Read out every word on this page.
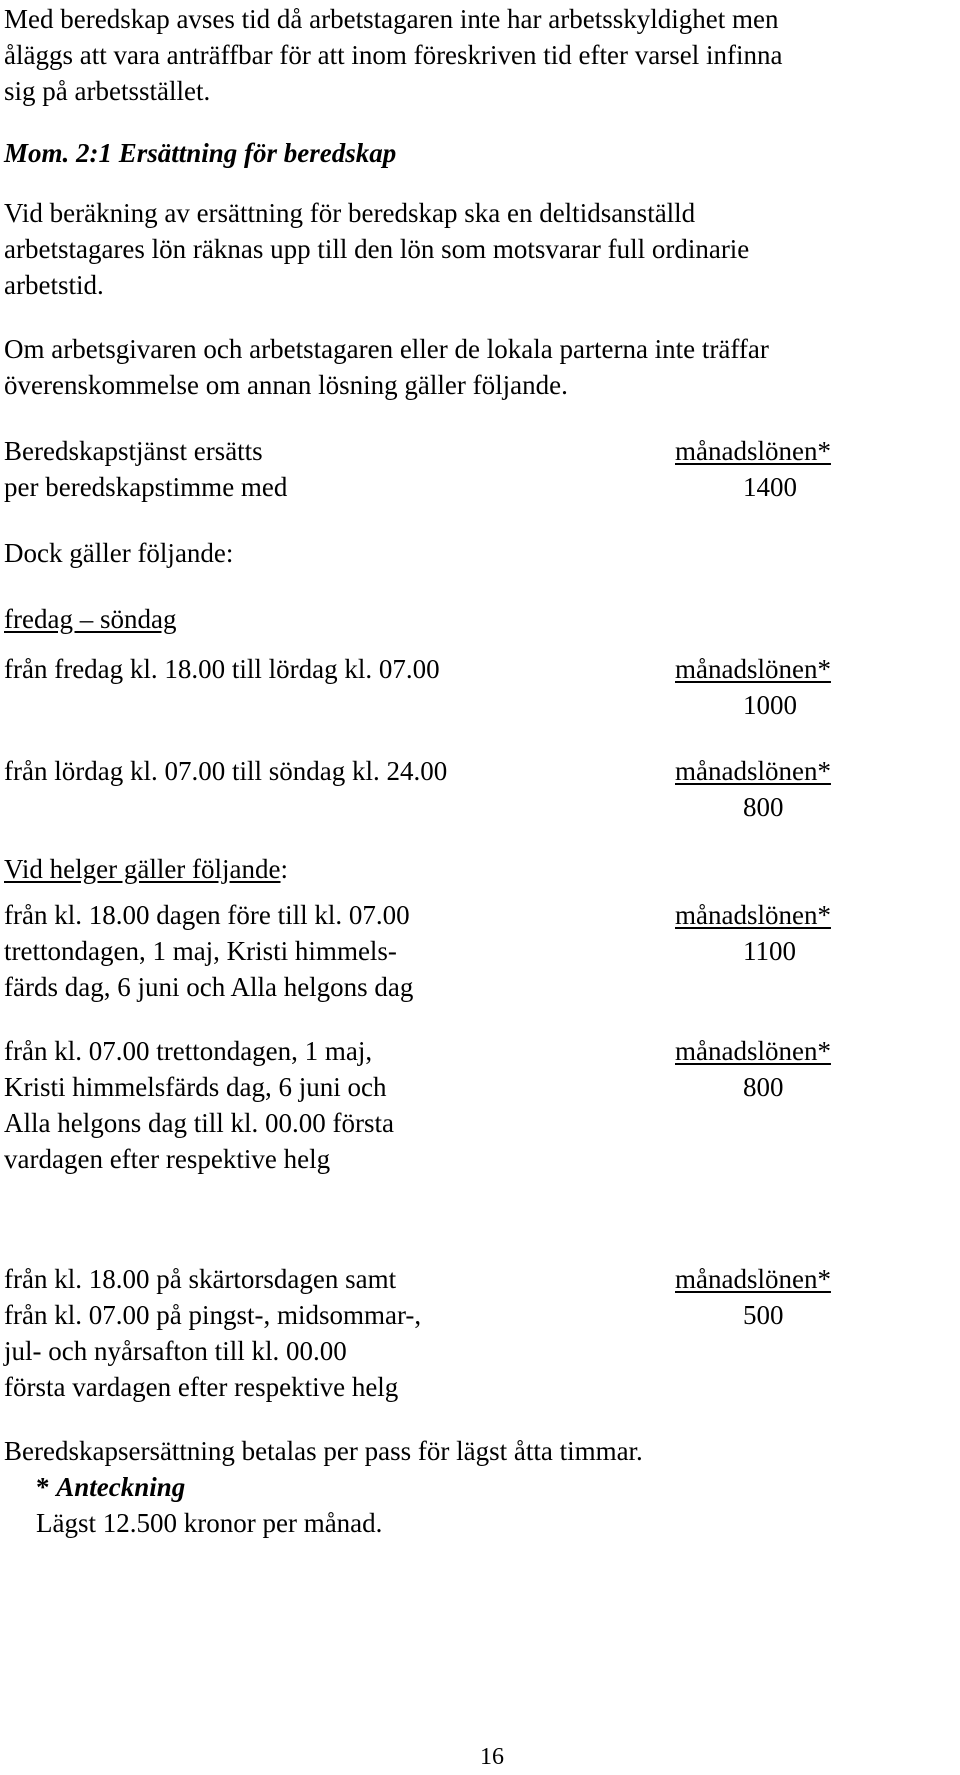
Med beredskap avses tid då arbetstagaren inte har arbetsskyldighet men
åläggs att vara anträffbar för att inom föreskriven tid efter varsel infinna
sig på arbetsstället.
Mom. 2:1 Ersättning för beredskap
Vid beräkning av ersättning för beredskap ska en deltidsanställd
arbetstagares lön räknas upp till den lön som motsvarar full ordinarie
arbetstid.
Om arbetsgivaren och arbetstagaren eller de lokala parterna inte träffar
överenskommelse om annan lösning gäller följande.
Beredskapstjänst ersätts
per beredskapstimme med
månadslönen*
1400
Dock gäller följande:
fredag – söndag
från fredag kl. 18.00 till lördag kl. 07.00	månadslönen*
1000
från lördag kl. 07.00 till söndag kl. 24.00	månadslönen*
800
Vid helger gäller följande:
från kl. 18.00 dagen före till kl. 07.00
trettondagen, 1 maj, Kristi himmels-
färds dag, 6 juni och Alla helgons dag
månadslönen*
1100
från kl. 07.00 trettondagen, 1 maj,
Kristi himmelsfärds dag, 6 juni och
Alla helgons dag till kl. 00.00 första
vardagen efter respektive helg
månadslönen*
800
från kl. 18.00 på skärtorsdagen samt
från kl. 07.00 på pingst-, midsommar-,
jul- och nyårsafton till kl. 00.00
första vardagen efter respektive helg
månadslönen*
500
Beredskapsersättning betalas per pass för lägst åtta timmar.
* Anteckning
Lägst 12.500 kronor per månad.
16
